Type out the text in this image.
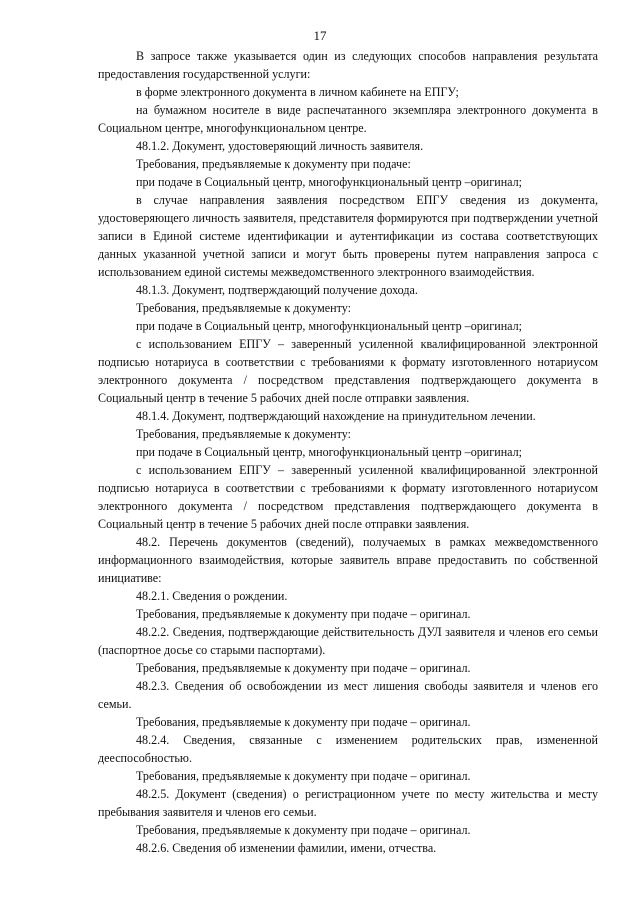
17

В запросе также указывается один из следующих способов направления результата предоставления государственной услуги:

в форме электронного документа в личном кабинете на ЕПГУ;

на бумажном носителе в виде распечатанного экземпляра электронного документа в Социальном центре, многофункциональном центре.

48.1.2. Документ, удостоверяющий личность заявителя.

Требования, предъявляемые к документу при подаче:

при подаче в Социальный центр, многофункциональный центр –оригинал;

в случае направления заявления посредством ЕПГУ сведения из документа, удостоверяющего личность заявителя, представителя формируются при подтверждении учетной записи в Единой системе идентификации и аутентификации из состава соответствующих данных указанной учетной записи и могут быть проверены путем направления запроса с использованием единой системы межведомственного электронного взаимодействия.

48.1.3. Документ, подтверждающий получение дохода.

Требования, предъявляемые к документу:

при подаче в Социальный центр, многофункциональный центр –оригинал;

с использованием ЕПГУ – заверенный усиленной квалифицированной электронной подписью нотариуса в соответствии с требованиями к формату изготовленного нотариусом электронного документа / посредством представления подтверждающего документа в Социальный центр в течение 5 рабочих дней после отправки заявления.

48.1.4. Документ, подтверждающий нахождение на принудительном лечении.

Требования, предъявляемые к документу:

при подаче в Социальный центр, многофункциональный центр –оригинал;

с использованием ЕПГУ – заверенный усиленной квалифицированной электронной подписью нотариуса в соответствии с требованиями к формату изготовленного нотариусом электронного документа / посредством представления подтверждающего документа в Социальный центр в течение 5 рабочих дней после отправки заявления.

48.2. Перечень документов (сведений), получаемых в рамках межведомственного информационного взаимодействия, которые заявитель вправе предоставить по собственной инициативе:

48.2.1. Сведения о рождении.

Требования, предъявляемые к документу при подаче – оригинал.

48.2.2. Сведения, подтверждающие действительность ДУЛ заявителя и членов его семьи (паспортное досье со старыми паспортами).

Требования, предъявляемые к документу при подаче – оригинал.

48.2.3. Сведения об освобождении из мест лишения свободы заявителя и членов его семьи.

Требования, предъявляемые к документу при подаче – оригинал.

48.2.4. Сведения, связанные с изменением родительских прав, измененной дееспособностью.

Требования, предъявляемые к документу при подаче – оригинал.

48.2.5. Документ (сведения) о регистрационном учете по месту жительства и месту пребывания заявителя и членов его семьи.

Требования, предъявляемые к документу при подаче – оригинал.

48.2.6. Сведения об изменении фамилии, имени, отчества.
